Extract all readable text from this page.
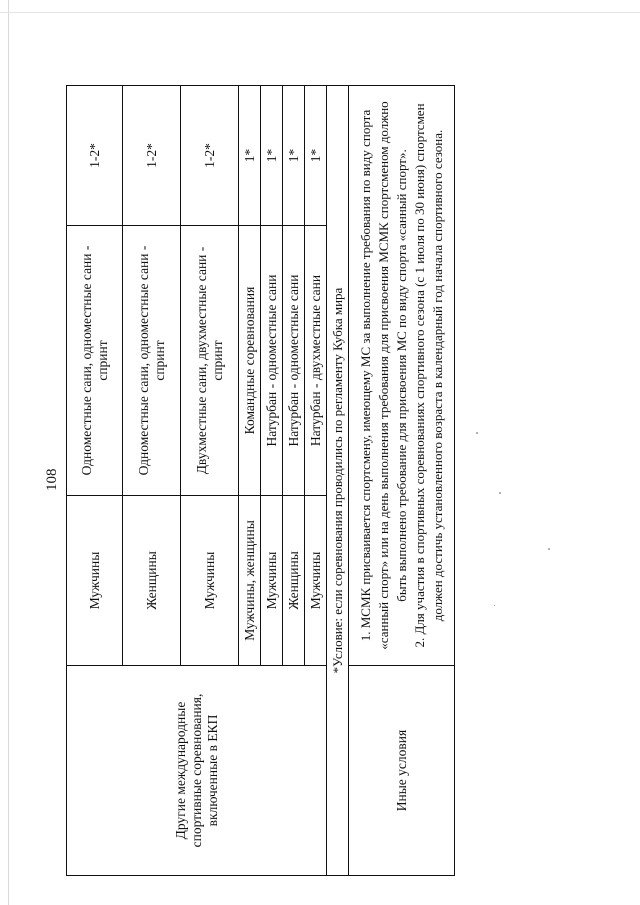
108
Другие международные спортивные соревнования, включенные в ЕКП	Мужчины	Одноместные сани, одноместные сани - спринт	1-2*
	Женщины	Одноместные сани, одноместные сани - спринт	1-2*
	Мужчины	Двухместные сани, двухместные сани - спринт	1-2*
	Мужчины, женщины	Командные соревнования	1*
	Мужчины	Натурбан - одноместные сани	1*
	Женщины	Натурбан - одноместные сани	1*
	Мужчины	Натурбан - двухместные сани	1*
*Условие: если соревнования проводились по регламенту Кубка мира			
Иные условия	1. МСМК присваивается спортсмену, имеющему МС за выполнение требования по виду спорта «санный спорт» или на день выполнения требования для присвоения МСМК спортсменом должно быть выполнено требование для присвоения МС по виду спорта «санный спорт». 2. Для участия в спортивных соревнованиях спортивного сезона (с 1 июля по 30 июня) спортсмен должен достичь установленного возраста в календарный год начала спортивного сезона.		
